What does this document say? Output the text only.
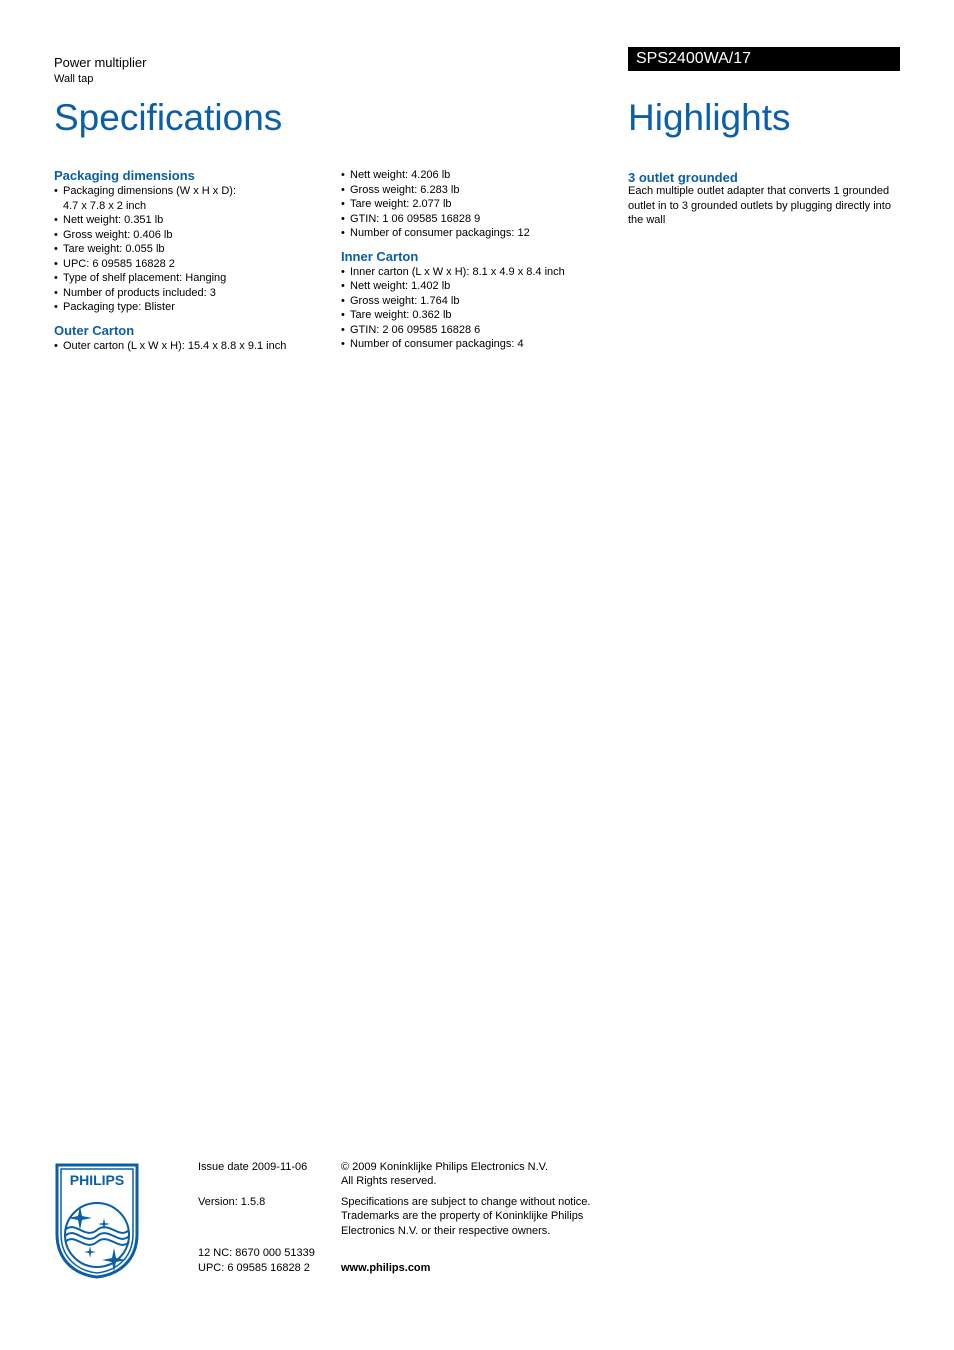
Power multiplier
Wall tap
SPS2400WA/17
Specifications	Highlights
Packaging dimensions
• Packaging dimensions (W x H x D):
4.7 x 7.8 x 2 inch
• Nett weight: 0.351 lb
• Gross weight: 0.406 lb
• Tare weight: 0.055 lb
• UPC: 6 09585 16828 2
• Type of shelf placement: Hanging
• Number of products included: 3
• Packaging type: Blister
Outer Carton
• Outer carton (L x W x H): 15.4 x 8.8 x 9.1 inch
• Nett weight: 4.206 lb
• Gross weight: 6.283 lb
• Tare weight: 2.077 lb
• GTIN: 1 06 09585 16828 9
• Number of consumer packagings: 12
Inner Carton
• Inner carton (L x W x H): 8.1 x 4.9 x 8.4 inch
• Nett weight: 1.402 lb
• Gross weight: 1.764 lb
• Tare weight: 0.362 lb
• GTIN: 2 06 09585 16828 6
• Number of consumer packagings: 4
3 outlet grounded
Each multiple outlet adapter that converts 1 grounded outlet in to 3 grounded outlets by plugging directly into the wall
PHILIPS
Issue date 2009-11-06
Version: 1.5.8
12 NC: 8670 000 51339
UPC: 6 09585 16828 2
© 2009 Koninklijke Philips Electronics N.V.
All Rights reserved.
Specifications are subject to change without notice.
Trademarks are the property of Koninklijke Philips
Electronics N.V. or their respective owners.
www.philips.com
